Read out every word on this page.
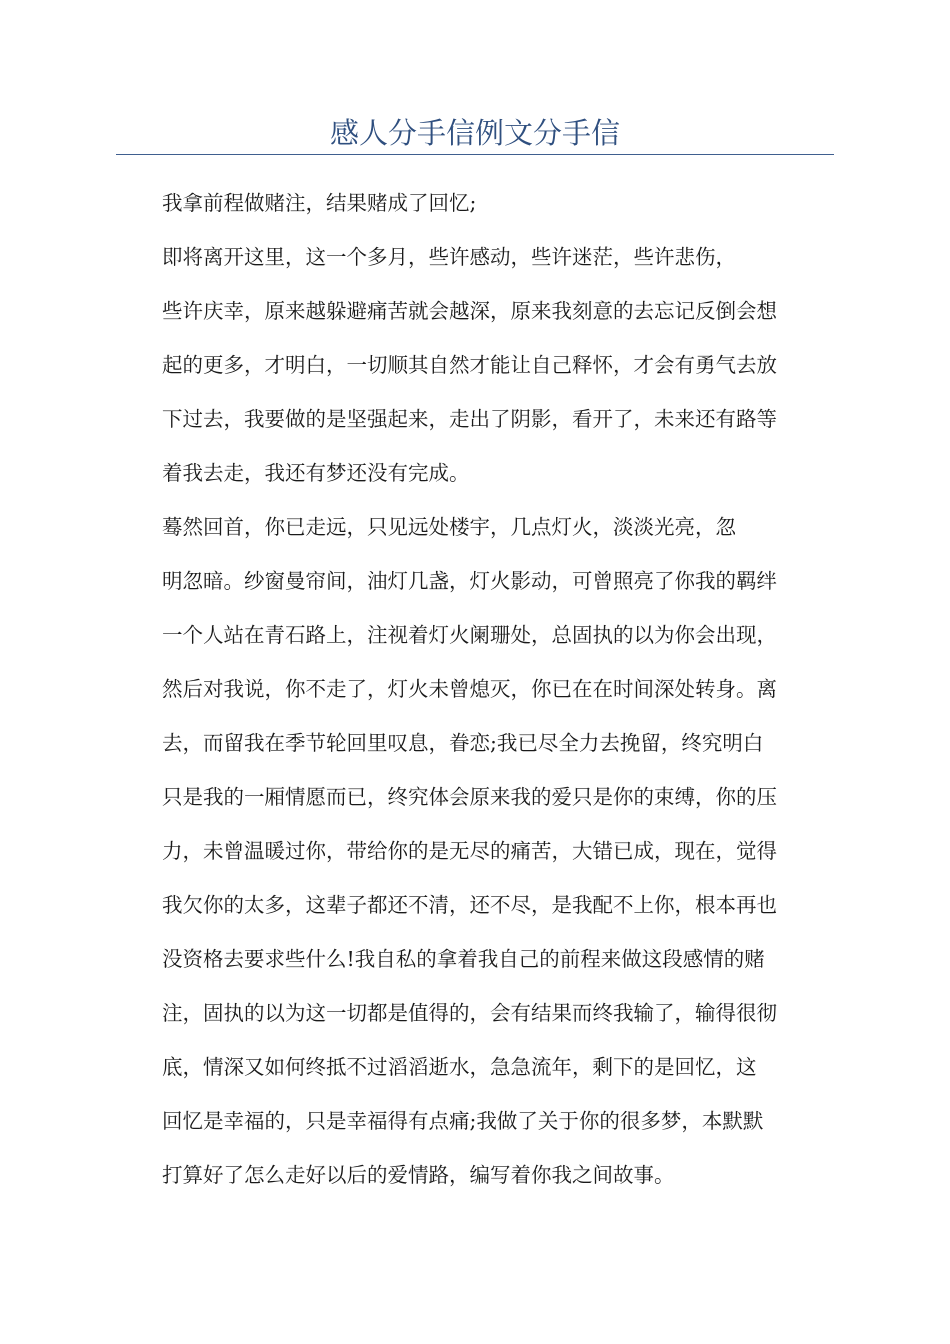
感人分手信例文分手信
我拿前程做赌注，结果赌成了回忆;
即将离开这里，这一个多月，些许感动，些许迷茫，些许悲伤，
些许庆幸，原来越躲避痛苦就会越深，原来我刻意的去忘记反倒会想
起的更多，才明白，一切顺其自然才能让自己释怀，才会有勇气去放
下过去，我要做的是坚强起来，走出了阴影，看开了，未来还有路等
着我去走，我还有梦还没有完成。
蓦然回首，你已走远，只见远处楼宇，几点灯火，淡淡光亮，忽
明忽暗。纱窗曼帘间，油灯几盏，灯火影动，可曾照亮了你我的羁绊
一个人站在青石路上，注视着灯火阑珊处，总固执的以为你会出现，
然后对我说，你不走了，灯火未曾熄灭，你已在在时间深处转身。离
去，而留我在季节轮回里叹息，眷恋;我已尽全力去挽留，终究明白
只是我的一厢情愿而已，终究体会原来我的爱只是你的束缚，你的压
力，未曾温暖过你，带给你的是无尽的痛苦，大错已成，现在，觉得
我欠你的太多，这辈子都还不清，还不尽，是我配不上你，根本再也
没资格去要求些什么!我自私的拿着我自己的前程来做这段感情的赌
注，固执的以为这一切都是值得的，会有结果而终我输了，输得很彻
底，情深又如何终抵不过滔滔逝水，急急流年，剩下的是回忆，这
回忆是幸福的，只是幸福得有点痛;我做了关于你的很多梦，本默默
打算好了怎么走好以后的爱情路，编写着你我之间故事。
